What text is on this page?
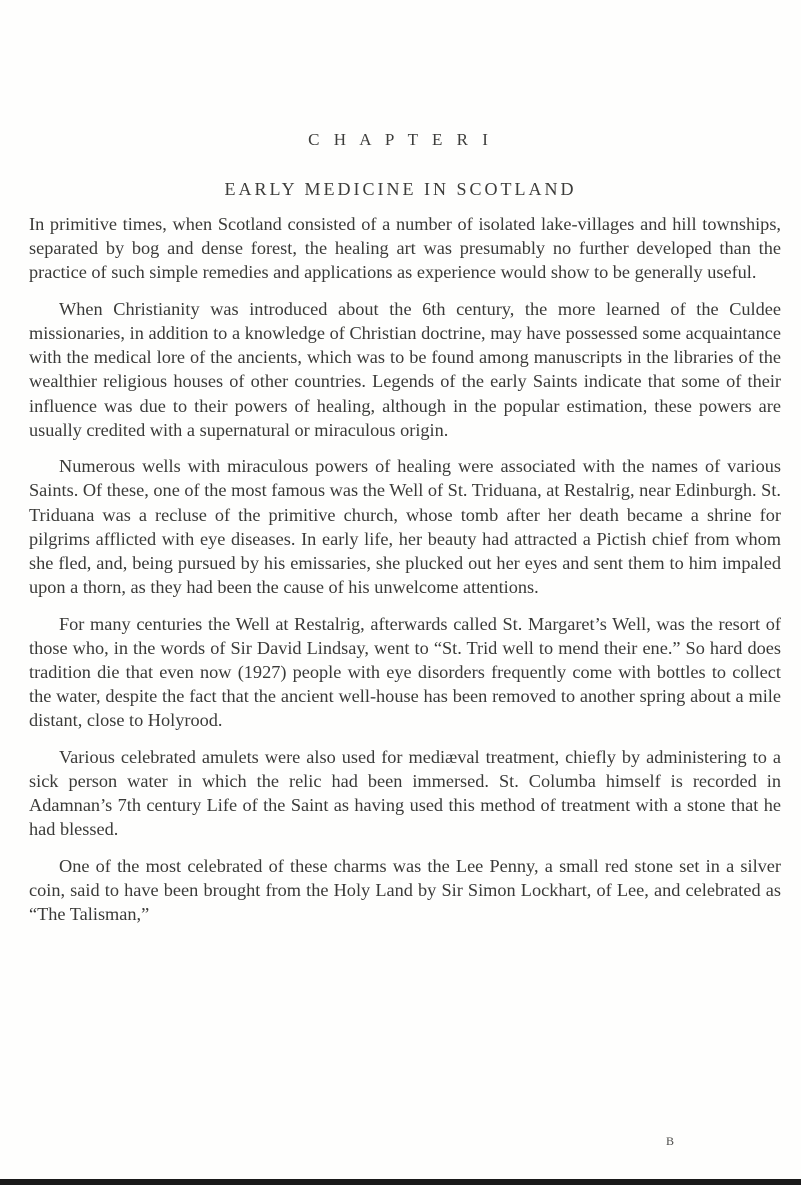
C H A P T E R I
EARLY MEDICINE IN SCOTLAND

In primitive times, when Scotland consisted of a number of isolated lake-villages and hill townships, separated by bog and dense forest, the healing art was presumably no further developed than the practice of such simple remedies and applications as experience would show to be generally useful.

When Christianity was introduced about the 6th century, the more learned of the Culdee missionaries, in addition to a knowledge of Christian doctrine, may have possessed some acquaintance with the medical lore of the ancients, which was to be found among manuscripts in the libraries of the wealthier religious houses of other countries. Legends of the early Saints indicate that some of their influence was due to their powers of healing, although in the popular estimation, these powers are usually credited with a supernatural or miraculous origin.

Numerous wells with miraculous powers of healing were associated with the names of various Saints. Of these, one of the most famous was the Well of St. Triduana, at Restalrig, near Edinburgh. St. Triduana was a recluse of the primitive church, whose tomb after her death became a shrine for pilgrims afflicted with eye diseases. In early life, her beauty had attracted a Pictish chief from whom she fled, and, being pursued by his emissaries, she plucked out her eyes and sent them to him impaled upon a thorn, as they had been the cause of his unwelcome attentions.

For many centuries the Well at Restalrig, afterwards called St. Margaret’s Well, was the resort of those who, in the words of Sir David Lindsay, went to “St. Trid well to mend their ene.” So hard does tradition die that even now (1927) people with eye disorders frequently come with bottles to collect the water, despite the fact that the ancient well-house has been removed to another spring about a mile distant, close to Holyrood.

Various celebrated amulets were also used for mediæval treatment, chiefly by administering to a sick person water in which the relic had been immersed. St. Columba himself is recorded in Adamnan’s 7th century Life of the Saint as having used this method of treatment with a stone that he had blessed.

One of the most celebrated of these charms was the Lee Penny, a small red stone set in a silver coin, said to have been brought from the Holy Land by Sir Simon Lockhart, of Lee, and celebrated as “The Talisman,”

B
